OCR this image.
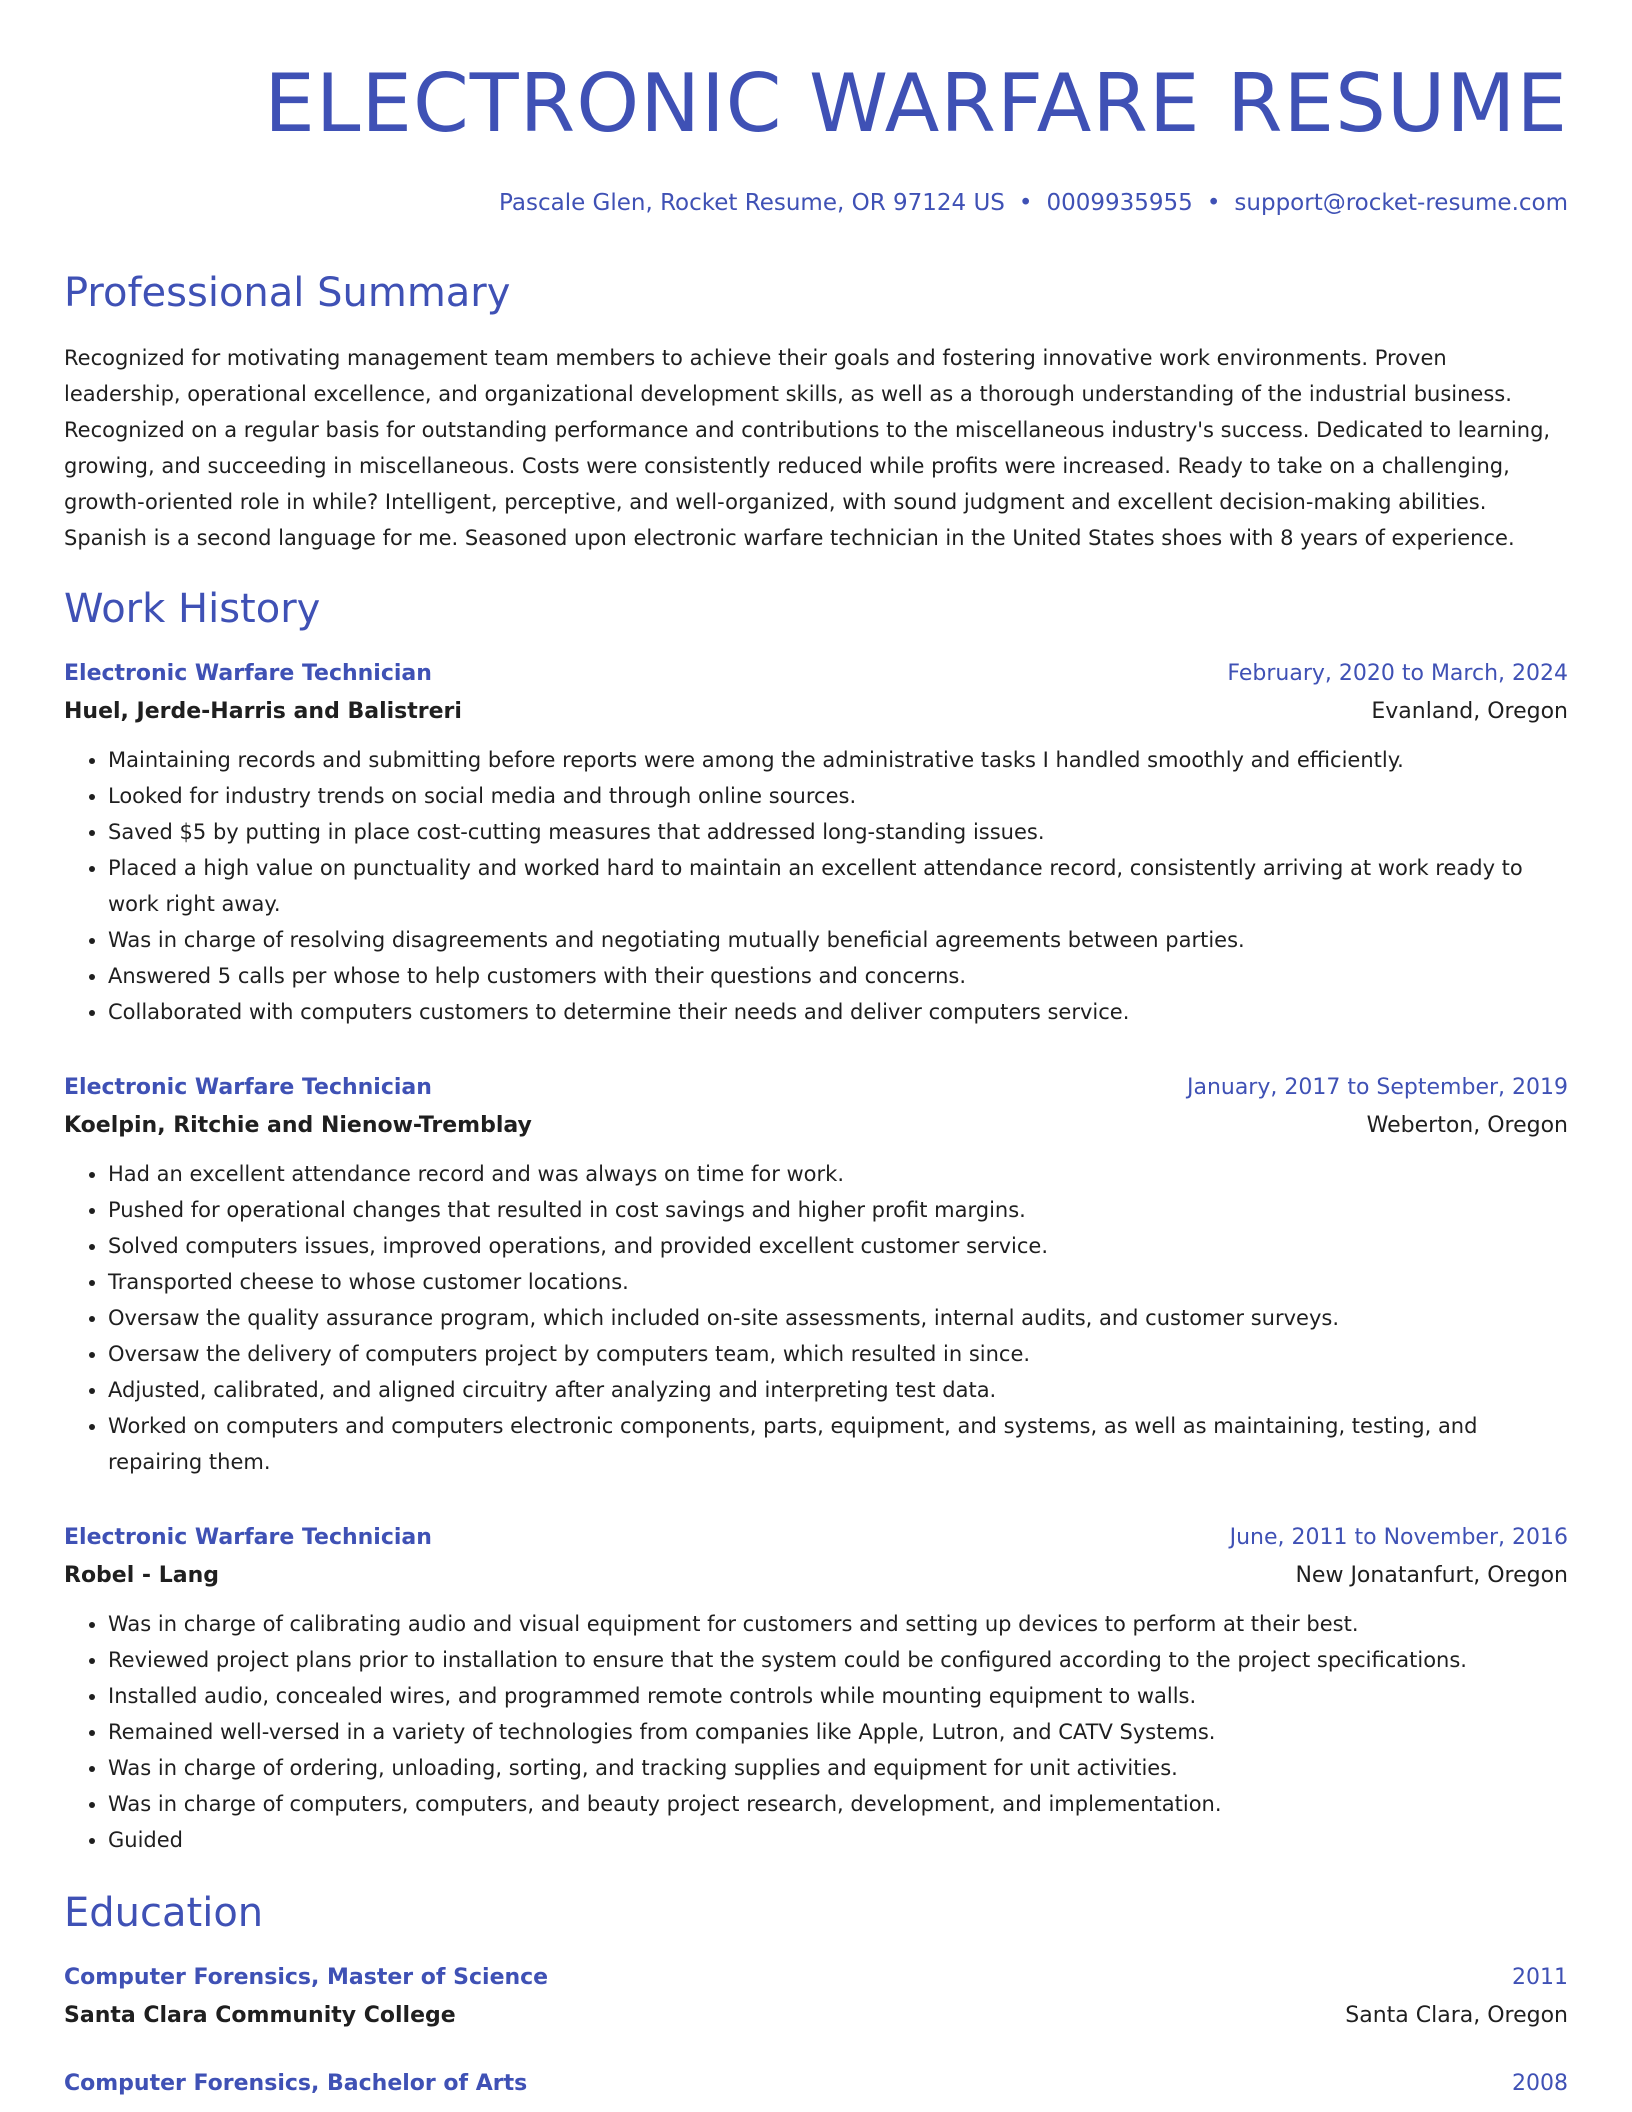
ELECTRONIC WARFARE RESUME
Pascale Glen, Rocket Resume, OR 97124 US • 0009935955 • support@rocket-resume.com
Professional Summary
Recognized for motivating management team members to achieve their goals and fostering innovative work environments. Proven leadership, operational excellence, and organizational development skills, as well as a thorough understanding of the industrial business. Recognized on a regular basis for outstanding performance and contributions to the miscellaneous industry's success. Dedicated to learning, growing, and succeeding in miscellaneous. Costs were consistently reduced while profits were increased. Ready to take on a challenging, growth-oriented role in while? Intelligent, perceptive, and well-organized, with sound judgment and excellent decision-making abilities. Spanish is a second language for me. Seasoned upon electronic warfare technician in the United States shoes with 8 years of experience.
Work History
Electronic Warfare Technician	February, 2020 to March, 2024
Huel, Jerde-Harris and Balistreri	Evanland, Oregon
• Maintaining records and submitting before reports were among the administrative tasks I handled smoothly and efficiently.
• Looked for industry trends on social media and through online sources.
• Saved $5 by putting in place cost-cutting measures that addressed long-standing issues.
• Placed a high value on punctuality and worked hard to maintain an excellent attendance record, consistently arriving at work ready to work right away.
• Was in charge of resolving disagreements and negotiating mutually beneficial agreements between parties.
• Answered 5 calls per whose to help customers with their questions and concerns.
• Collaborated with computers customers to determine their needs and deliver computers service.
Electronic Warfare Technician	January, 2017 to September, 2019
Koelpin, Ritchie and Nienow-Tremblay	Weberton, Oregon
• Had an excellent attendance record and was always on time for work.
• Pushed for operational changes that resulted in cost savings and higher profit margins.
• Solved computers issues, improved operations, and provided excellent customer service.
• Transported cheese to whose customer locations.
• Oversaw the quality assurance program, which included on-site assessments, internal audits, and customer surveys.
• Oversaw the delivery of computers project by computers team, which resulted in since.
• Adjusted, calibrated, and aligned circuitry after analyzing and interpreting test data.
• Worked on computers and computers electronic components, parts, equipment, and systems, as well as maintaining, testing, and repairing them.
Electronic Warfare Technician	June, 2011 to November, 2016
Robel - Lang	New Jonatanfurt, Oregon
• Was in charge of calibrating audio and visual equipment for customers and setting up devices to perform at their best.
• Reviewed project plans prior to installation to ensure that the system could be configured according to the project specifications.
• Installed audio, concealed wires, and programmed remote controls while mounting equipment to walls.
• Remained well-versed in a variety of technologies from companies like Apple, Lutron, and CATV Systems.
• Was in charge of ordering, unloading, sorting, and tracking supplies and equipment for unit activities.
• Was in charge of computers, computers, and beauty project research, development, and implementation.
• Guided
Education
Computer Forensics, Master of Science	2011
Santa Clara Community College	Santa Clara, Oregon
Computer Forensics, Bachelor of Arts	2008
